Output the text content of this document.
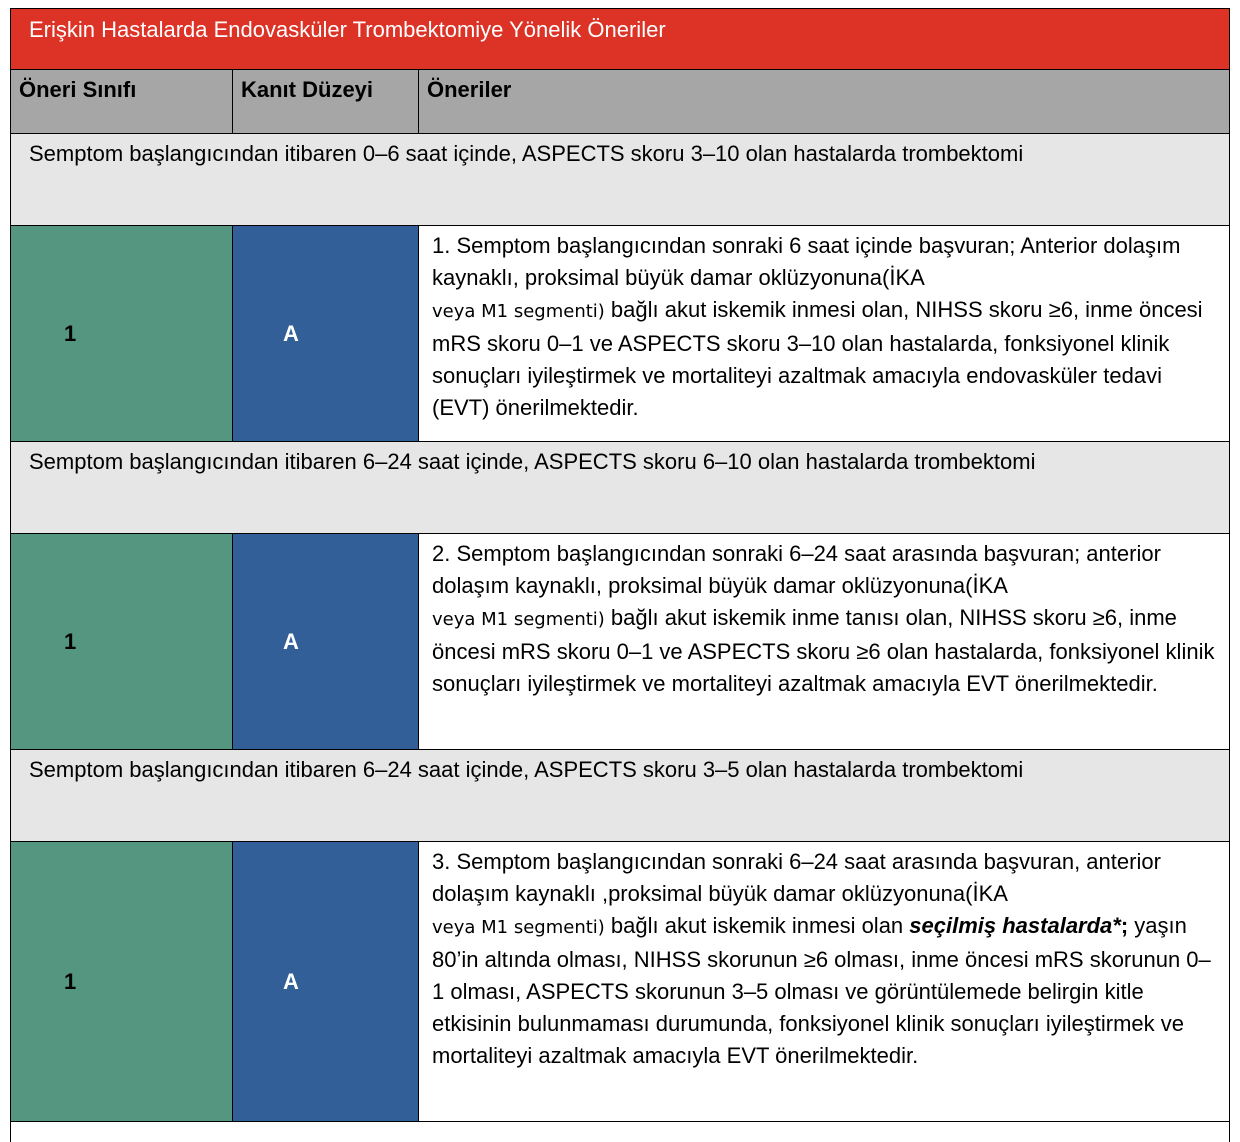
Erişkin Hastalarda Endovasküler Trombektomiye Yönelik Öneriler
Öneri Sınıfı	Kanıt Düzeyi	Öneriler
Semptom başlangıcından itibaren 0–6 saat içinde, ASPECTS skoru 3–10 olan hastalarda trombektomi
1	A
1. Semptom başlangıcından sonraki 6 saat içinde başvuran; Anterior dolaşım kaynaklı, proksimal büyük damar oklüzyonuna(İKA
veya M1 segmenti) bağlı akut iskemik inmesi olan, NIHSS skoru ≥6, inme öncesi mRS skoru 0–1 ve ASPECTS skoru 3–10 olan hastalarda, fonksiyonel klinik sonuçları iyileştirmek ve mortaliteyi azaltmak amacıyla endovasküler tedavi (EVT) önerilmektedir.
Semptom başlangıcından itibaren 6–24 saat içinde, ASPECTS skoru 6–10 olan hastalarda trombektomi
1	A
2. Semptom başlangıcından sonraki 6–24 saat arasında başvuran; anterior dolaşım kaynaklı, proksimal büyük damar oklüzyonuna(İKA
veya M1 segmenti) bağlı akut iskemik inme tanısı olan, NIHSS skoru ≥6, inme öncesi mRS skoru 0–1 ve ASPECTS skoru ≥6 olan hastalarda, fonksiyonel klinik sonuçları iyileştirmek ve mortaliteyi azaltmak amacıyla EVT önerilmektedir.
Semptom başlangıcından itibaren 6–24 saat içinde, ASPECTS skoru 3–5 olan hastalarda trombektomi
1	A
3. Semptom başlangıcından sonraki 6–24 saat arasında başvuran, anterior dolaşım kaynaklı ,proksimal büyük damar oklüzyonuna(İKA
veya M1 segmenti) bağlı akut iskemik inmesi olan seçilmiş hastalarda*; yaşın 80’in altında olması, NIHSS skorunun ≥6 olması, inme öncesi mRS skorunun 0–1 olması, ASPECTS skorunun 3–5 olması ve görüntülemede belirgin kitle etkisinin bulunmaması durumunda, fonksiyonel klinik sonuçları iyileştirmek ve mortaliteyi azaltmak amacıyla EVT önerilmektedir.
